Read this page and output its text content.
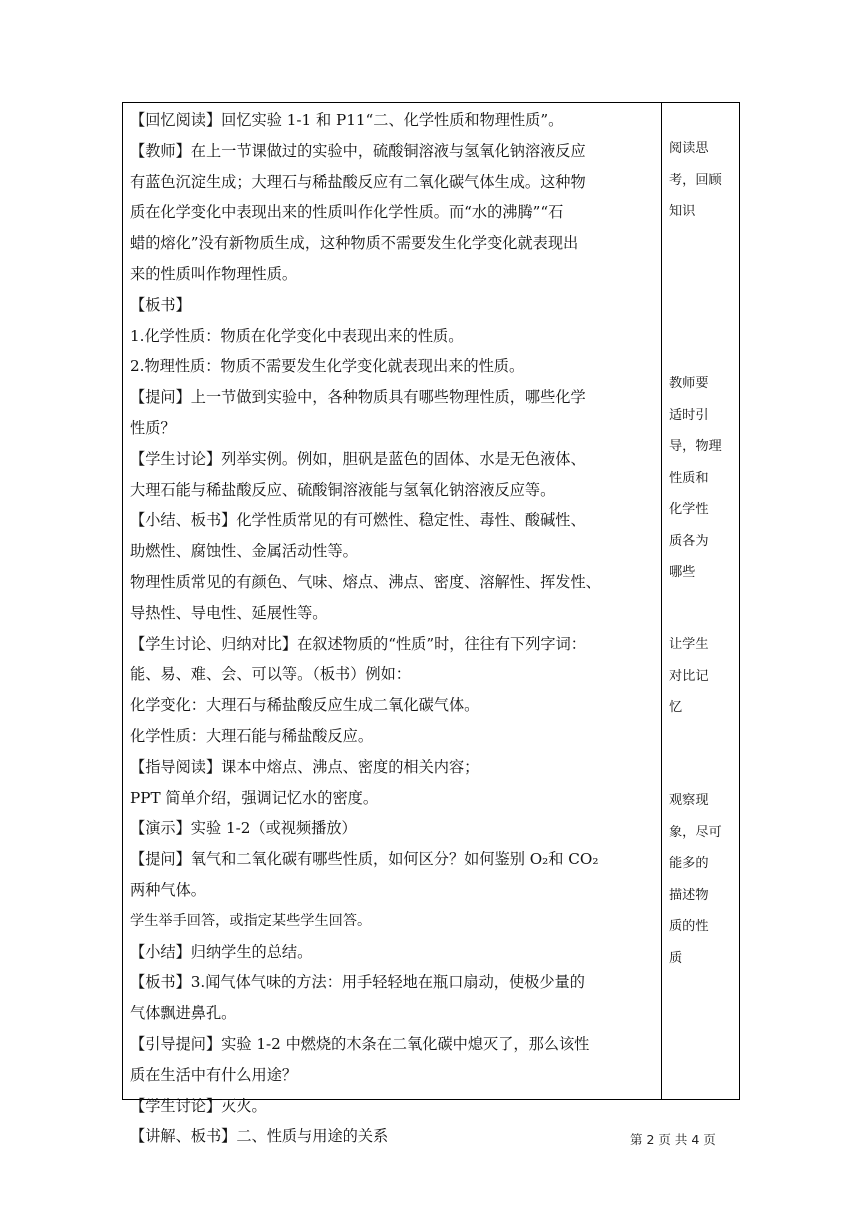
【回忆阅读】回忆实验 1-1 和 P11“二、化学性质和物理性质”。

【教师】在上一节课做过的实验中，硫酸铜溶液与氢氧化钠溶液反应

有蓝色沉淀生成；大理石与稀盐酸反应有二氧化碳气体生成。这种物

质在化学变化中表现出来的性质叫作化学性质。而“水的沸腾”“石

蜡的熔化”没有新物质生成，这种物质不需要发生化学变化就表现出

来的性质叫作物理性质。

【板书】

1.化学性质：物质在化学变化中表现出来的性质。

2.物理性质：物质不需要发生化学变化就表现出来的性质。

【提问】上一节做到实验中，各种物质具有哪些物理性质，哪些化学

性质？

【学生讨论】列举实例。例如，胆矾是蓝色的固体、水是无色液体、

大理石能与稀盐酸反应、硫酸铜溶液能与氢氧化钠溶液反应等。

【小结、板书】化学性质常见的有可燃性、稳定性、毒性、酸碱性、

助燃性、腐蚀性、金属活动性等。

物理性质常见的有颜色、气味、熔点、沸点、密度、溶解性、挥发性、

导热性、导电性、延展性等。

【学生讨论、归纳对比】在叙述物质的“性质”时，往往有下列字词：

能、易、难、会、可以等。（板书）例如：

化学变化：大理石与稀盐酸反应生成二氧化碳气体。

化学性质：大理石能与稀盐酸反应。

【指导阅读】课本中熔点、沸点、密度的相关内容；

PPT 简单介绍，强调记忆水的密度。

【演示】实验 1-2（或视频播放）

【提问】氧气和二氧化碳有哪些性质，如何区分？如何鉴别 O₂和 CO₂

两种气体。

学生举手回答，或指定某些学生回答。

【小结】归纳学生的总结。

【板书】3.闻气体气味的方法：用手轻轻地在瓶口扇动，使极少量的

气体飘进鼻孔。

【引导提问】实验 1-2 中燃烧的木条在二氧化碳中熄灭了，那么该性

质在生活中有什么用途？

【学生讨论】灭火。

【讲解、板书】二、性质与用途的关系

阅读思
考，回顾
知识
教师要
适时引
导，物理
性质和
化学性
质各为
哪些
让学生
对比记
忆
观察现
象，尽可
能多的
描述物
质的性
质
第 2 页 共 4 页
